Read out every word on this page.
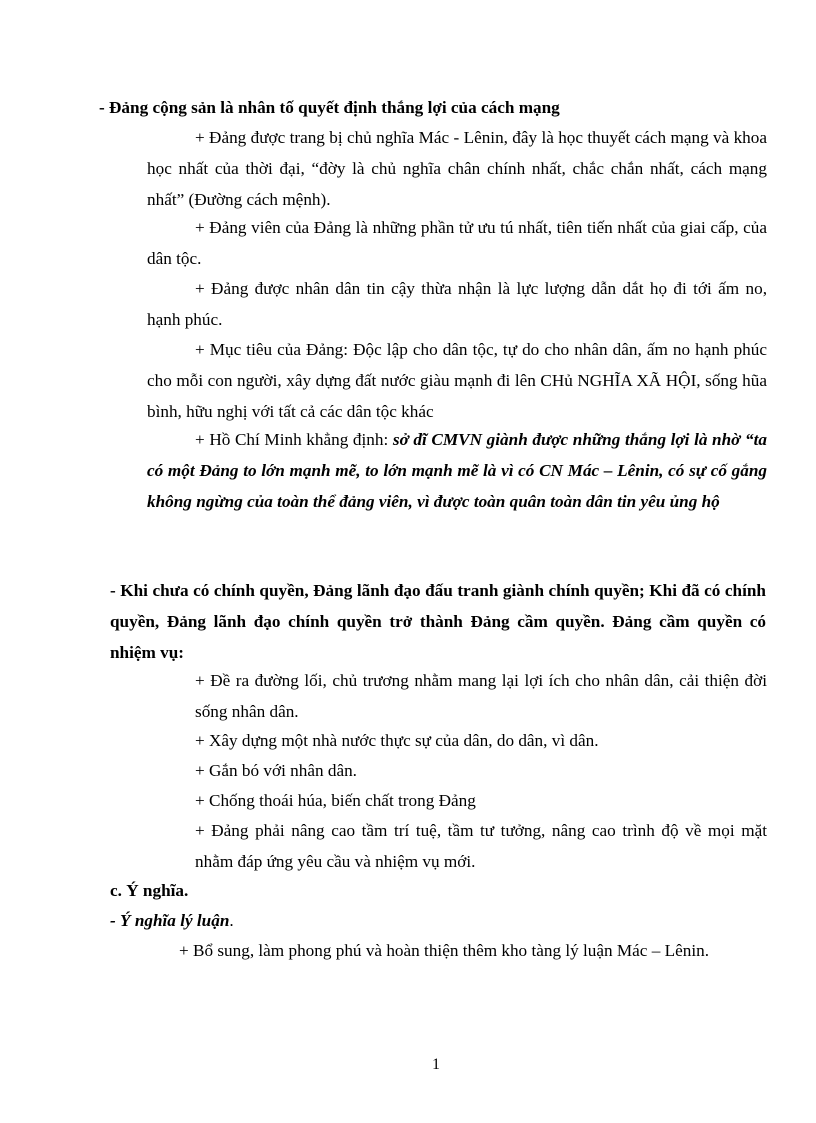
- Đảng cộng sản là nhân tố quyết định thắng lợi của cách mạng
+ Đảng được trang bị chủ nghĩa Mác - Lênin, đây là học thuyết cách mạng và khoa học nhất của thời đại, “đờy là chủ nghĩa chân chính nhất, chắc chắn nhất, cách mạng nhất” (Đường cách mệnh).
+ Đảng viên của Đảng là những phần tử ưu tú nhất, tiên tiến nhất của giai cấp, của dân tộc.
+ Đảng được nhân dân tin cậy thừa nhận là lực lượng dẫn dắt họ đi tới ấm no, hạnh phúc.
+ Mục tiêu của Đảng: Độc lập cho dân tộc, tự do cho nhân dân, ấm no hạnh phúc cho mỗi con người, xây dựng đất nước giàu mạnh đi lên CHủ NGHĨA XÃ HỘI, sống hũa bình, hữu nghị với tất cả các dân tộc khác
+ Hồ Chí Minh khẳng định: sở dĩ CMVN giành được những thắng lợi là nhờ “ta có một Đảng to lớn mạnh mẽ, to lớn mạnh mẽ là vì có CN Mác – Lênin, có sự cố gắng không ngừng của toàn thể đảng viên, vì được toàn quân toàn dân tin yêu ủng hộ
- Khi chưa có chính quyền, Đảng lãnh đạo đấu tranh giành chính quyền; Khi đã có chính quyền, Đảng lãnh đạo chính quyền trở thành Đảng cầm quyền. Đảng cầm quyền có nhiệm vụ:
+ Đề ra đường lối, chủ trương nhằm mang lại lợi ích cho nhân dân, cải thiện đời sống nhân dân.
+ Xây dựng một nhà nước thực sự của dân, do dân, vì dân.
+ Gắn bó với nhân dân.
+ Chống thoái húa, biến chất trong Đảng
+ Đảng phải nâng cao tầm trí tuệ, tầm tư tưởng, nâng cao trình độ về mọi mặt nhằm đáp ứng yêu cầu và nhiệm vụ mới.
c. Ý nghĩa.
- Ý nghĩa lý luận.
+ Bổ sung, làm phong phú và hoàn thiện thêm kho tàng lý luận Mác – Lênin.
1
